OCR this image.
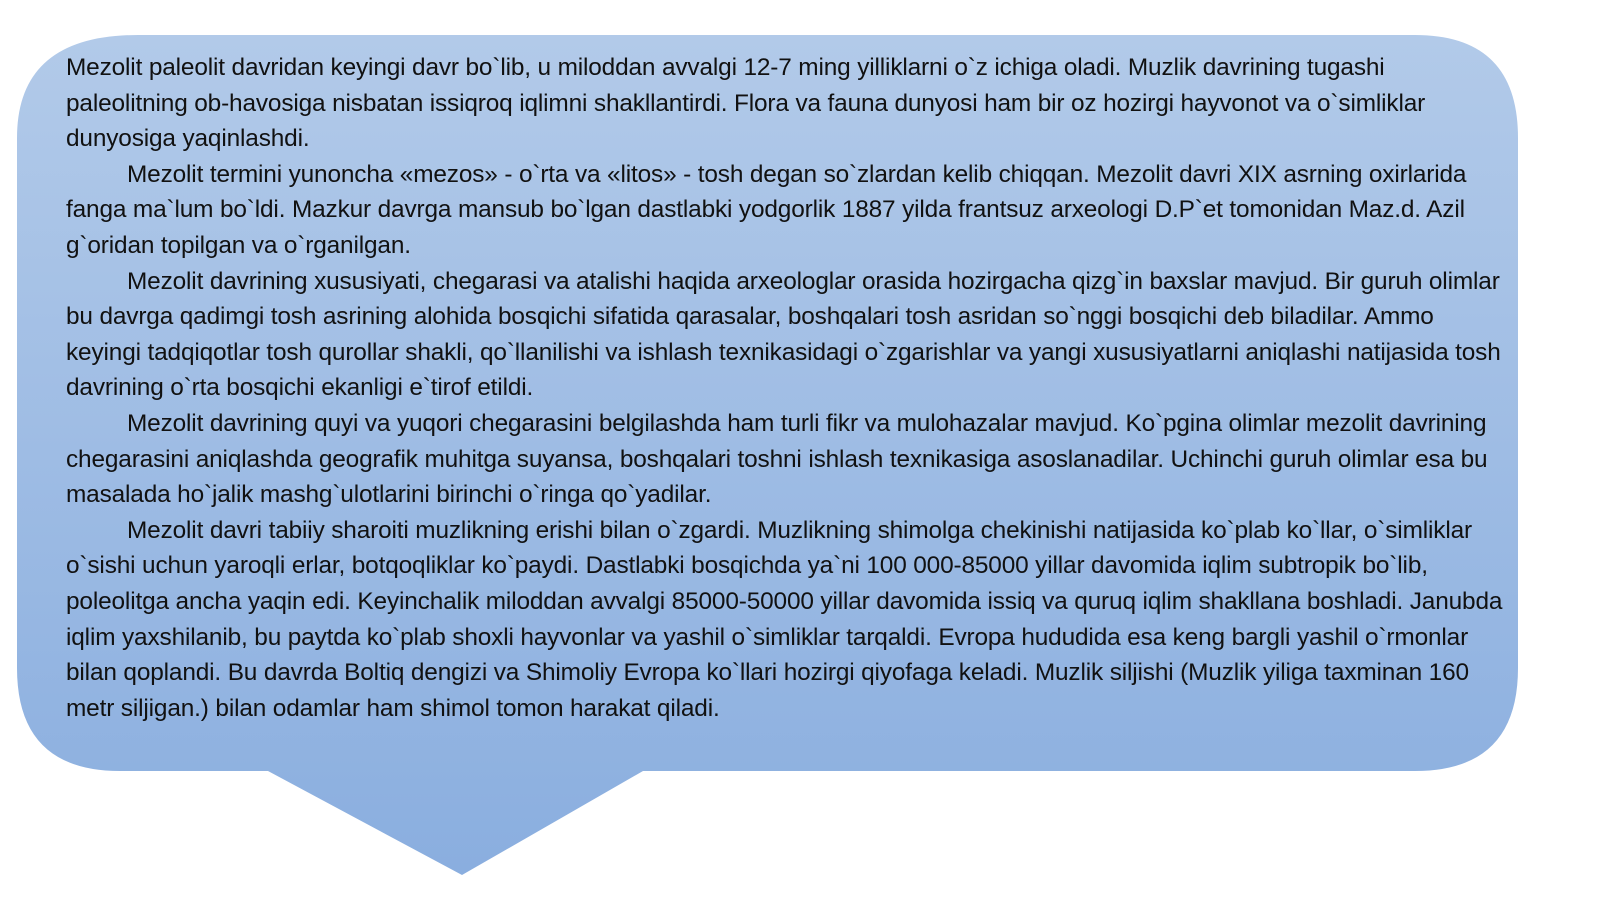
Mezolit paleolit davridan keyingi davr bo`lib, u miloddan avvalgi 12-7 ming yilliklarni o`z ichiga oladi. Muzlik davrining tugashi paleolitning ob-havosiga nisbatan issiqroq iqlimni shakllantirdi. Flora va fauna dunyosi ham bir oz hozirgi hayvonot va o`simliklar dunyosiga yaqinlashdi.

Mezolit termini yunoncha «mezos» - o`rta va «litos» - tosh degan so`zlardan kelib chiqqan. Mezolit davri XIX asrning oxirlarida fanga ma`lum bo`ldi. Mazkur davrga mansub bo`lgan dastlabki yodgorlik 1887 yilda frantsuz arxeologi D.P`et tomonidan Maz.d. Azil g`oridan topilgan va o`rganilgan.

Mezolit davrining xususiyati, chegarasi va atalishi haqida arxeologlar orasida hozirgacha qizg`in baxslar mavjud. Bir guruh olimlar bu davrga qadimgi tosh asrining alohida bosqichi sifatida qarasalar, boshqalari tosh asridan so`nggi bosqichi deb biladilar. Ammo keyingi tadqiqotlar tosh qurollar shakli, qo`llanilishi va ishlash texnikasidagi o`zgarishlar va yangi xususiyatlarni aniqlashi natijasida tosh davrining o`rta bosqichi ekanligi e`tirof etildi.

Mezolit davrining quyi va yuqori chegarasini belgilashda ham turli fikr va mulohazalar mavjud. Ko`pgina olimlar mezolit davrining chegarasini aniqlashda geografik muhitga suyansa, boshqalari toshni ishlash texnikasiga asoslanadilar. Uchinchi guruh olimlar esa bu masalada ho`jalik mashg`ulotlarini birinchi o`ringa qo`yadilar.

Mezolit davri tabiiy sharoiti muzlikning erishi bilan o`zgardi. Muzlikning shimolga chekinishi natijasida ko`plab ko`llar, o`simliklar o`sishi uchun yaroqli erlar, botqoqliklar ko`paydi. Dastlabki bosqichda ya`ni 100 000-85000 yillar davomida iqlim subtropik bo`lib, poleolitga ancha yaqin edi. Keyinchalik miloddan avvalgi 85000-50000 yillar davomida issiq va quruq iqlim shakllana boshladi. Janubda iqlim yaxshilanib, bu paytda ko`plab shoxli hayvonlar va yashil o`simliklar tarqaldi. Evropa hududida esa keng bargli yashil o`rmonlar bilan qoplandi. Bu davrda Boltiq dengizi va Shimoliy Evropa ko`llari hozirgi qiyofaga keladi. Muzlik siljishi (Muzlik yiliga taxminan 160 metr siljigan.) bilan odamlar ham shimol tomon harakat qiladi.
